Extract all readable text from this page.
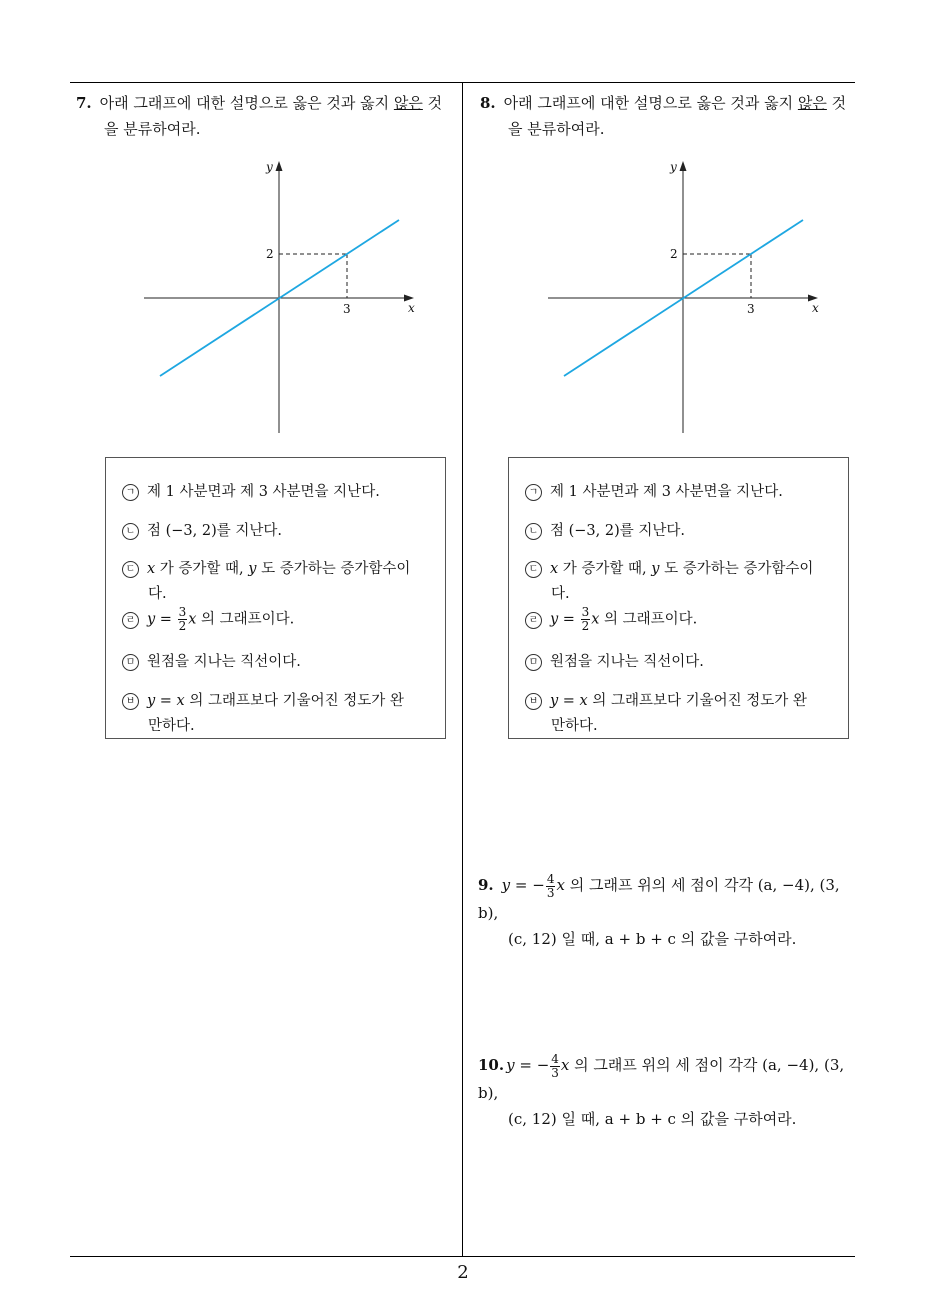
7. 아래 그래프에 대한 설명으로 옳은 것과 옳지 않은 것
을 분류하여라.
2
3	x
y
ㄱ 제 1 사분면과 제 3 사분면을 지난다.
ㄴ 점 (−3, 2)를 지난다.
ㄷ x 가 증가할 때, y 도 증가하는 증가함수이
다.
ㄹ $y = \frac{3}{2}$ x 의 그래프이다.
ㅁ 원점을 지나는 직선이다.
ㅂ y = x 의 그래프보다 기울어진 정도가 완
만하다.
8. 아래 그래프에 대한 설명으로 옳은 것과 옳지 않은 것
을 분류하여라.
2
3	x
y
ㄱ 제 1 사분면과 제 3 사분면을 지난다.
ㄴ 점 (−3, 2)를 지난다.
ㄷ x 가 증가할 때, y 도 증가하는 증가함수이
다.
ㄹ $y = \frac{3}{2}$ x 의 그래프이다.
ㅁ 원점을 지나는 직선이다.
ㅂ y = x 의 그래프보다 기울어진 정도가 완
만하다.
9. y = − $\frac{4}{3}$ x 의 그래프 위의 세 점이 각각 (a, −4), (3, b),
(c, 12) 일 때, a + b + c 의 값을 구하여라.
10. y = − $\frac{4}{3}$ x 의 그래프 위의 세 점이 각각 (a, −4), (3, b),
(c, 12) 일 때, a + b + c 의 값을 구하여라.
2
